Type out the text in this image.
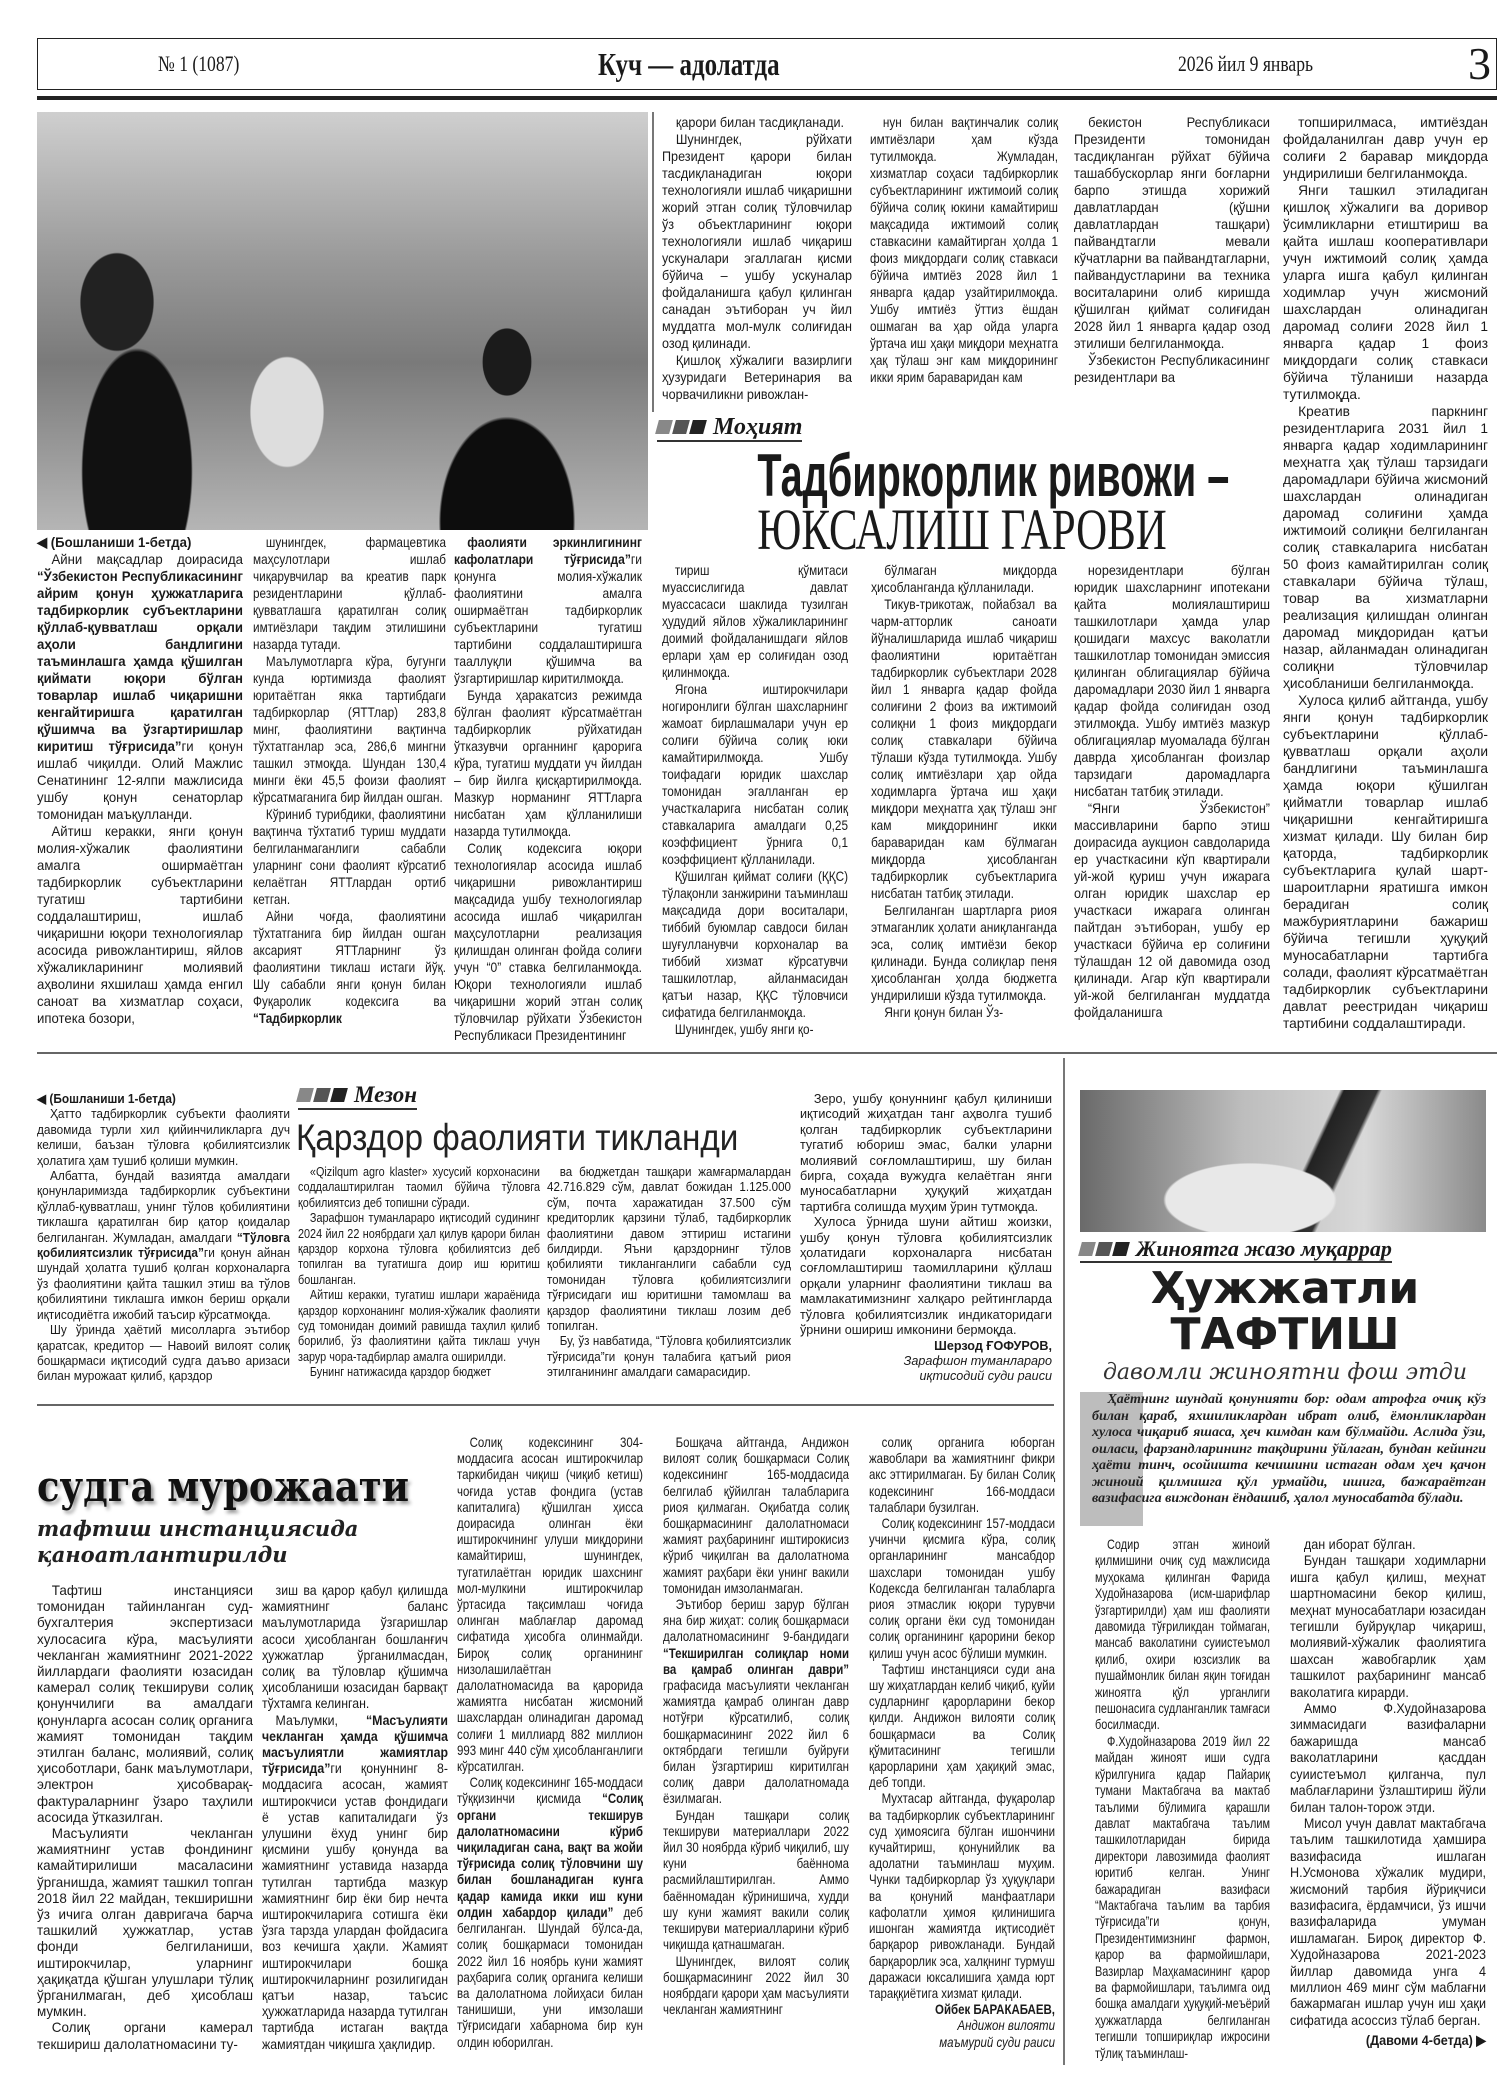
№ 1 (1087)	Куч — адолатда	2026 йил 9 январь	3

◀ (Бошланиши 1-бетда)

Айни мақсадлар доирасида “Ўзбекистон Республикасининг айрим қонун ҳужжатларига тадбиркорлик субъектларини қўллаб-қувватлаш орқали аҳоли бандлигини таъминлашга ҳамда қўшилган қиймати юқори бўлган товарлар ишлаб чиқаришни кенгайтиришга қаратилган қўшимча ва ўзгартиришлар киритиш тўғрисида”ги қонун ишлаб чиқилди. Олий Мажлис Сенатининг 12-ялпи мажлисида ушбу қонун сенаторлар томонидан маъқулланди.

Айтиш керакки, янги қонун молия-хўжалик фаолиятини амалга оширмаётган тадбиркорлик субъектларини тугатиш тартибини соддалаштириш, ишлаб чиқаришни юқори технологиялар асосида ривожлантириш, яйлов хўжаликларининг молиявий аҳволини яхшилаш ҳамда енгил саноат ва хизматлар соҳаси, ипотека бозори,

шунингдек, фармацевтика маҳсулотлари ишлаб чиқарувчилар ва креатив парк резидентларини қўллаб-қувватлашга қаратилган солиқ имтиёзлари тақдим этилишини назарда тутади.

Маълумотларга кўра, бугунги кунда юртимизда фаолият юритаётган якка тартибдаги тадбиркорлар (ЯТТлар) 283,8 минг, фаолиятини вақтинча тўхтатганлар эса, 286,6 мингни ташкил этмоқда. Шундан 130,4 минги ёки 45,5 фоизи фаолият кўрсатмаганига бир йилдан ошган.

Кўриниб турибдики, фаолиятини вақтинча тўхтатиб туриш муддати белгиланмаганлиги сабабли уларнинг сони фаолият кўрсатиб келаётган ЯТТлардан ортиб кетган.

Айни чоғда, фаолиятини тўхтатганига бир йилдан ошган аксарият ЯТТларнинг ўз фаолиятини тиклаш истаги йўқ. Шу сабабли янги қонун билан Фуқаролик кодексига ва “Тадбиркорлик

фаолияти эркинлигининг кафолатлари тўғрисида”ги қонунга молия-хўжалик фаолиятини амалга оширмаётган тадбиркорлик субъектларини тугатиш тартибини соддалаштиришга тааллуқли қўшимча ва ўзгартиришлар киритилмоқда.

Бунда ҳаракатсиз режимда бўлган фаолият кўрсатмаётган тадбиркорлик рўйхатидан ўтказувчи органнинг қарорига кўра, тугатиш муддати уч йилдан – бир йилга қисқартирилмоқда. Мазкур норманинг ЯТТларга нисбатан ҳам қўлланилиши назарда тутилмоқда.

Солиқ кодексига юқори технологиялар асосида ишлаб чиқаришни ривожлантириш мақсадида ушбу технологиялар асосида ишлаб чиқарилган маҳсулотларни реализация қилишдан олинган фойда солиғи учун “0” ставка белгиланмоқда. Юқори технологияли ишлаб чиқаришни жорий этган солиқ тўловчилар рўйхати Ўзбекистон Республикаси Президентининг

қарори билан тасдиқланади.

Шунингдек, рўйхати Президент қарори билан тасдиқланадиган юқори технологияли ишлаб чиқаришни жорий этган солиқ тўловчилар ўз объектларининг юқори технологияли ишлаб чиқариш ускуналари эгаллаган қисми бўйича – ушбу ускуналар фойдаланишга қабул қилинган санадан эътиборан уч йил муддатга мол-мулк солиғидан озод қилинади.

Қишлоқ хўжалиги вазирлиги ҳузуридаги Ветеринария ва чорвачиликни ривожлан-

нун билан вақтинчалик солиқ имтиёзлари ҳам кўзда тутилмоқда. Жумладан, хизматлар соҳаси тадбиркорлик субъектларининг ижтимоий солиқ бўйича солиқ юкини камайтириш мақсадида ижтимоий солиқ ставкасини камайтирган ҳолда 1 фоиз миқдордаги солиқ ставкаси бўйича имтиёз 2028 йил 1 январга қадар узайтирилмоқда. Ушбу имтиёз ўттиз ёшдан ошмаган ва ҳар ойда уларга ўртача иш ҳақи миқдори меҳнатга ҳақ тўлаш энг кам миқдорининг икки ярим бараваридан кам

бекистон Республикаси Президенти томонидан тасдиқланган рўйхат бўйича ташаббускорлар янги боғларни барпо этишда хорижий давлатлардан (қўшни давлатлардан ташқари) пайвандтагли мевали кўчатларни ва пайвандтагларни, пайвандустларини ва техника воситаларини олиб киришда қўшилган қиймат солиғидан 2028 йил 1 январга қадар озод этилиши белгиланмоқда.

Ўзбекистон Республикасининг резидентлари ва

топширилмаса, имтиёздан фойдаланилган давр учун ер солиғи 2 баравар миқдорда ундирилиши белгиланмоқда.

Янги ташкил этиладиган қишлоқ хўжалиги ва доривор ўсимликларни етиштириш ва қайта ишлаш кооперативлари учун ижтимоий солиқ ҳамда уларга ишга қабул қилинган ходимлар учун жисмоний шахслардан олинадиган даромад солиғи 2028 йил 1 январга қадар 1 фоиз миқдордаги солиқ ставкаси бўйича тўланиши назарда тутилмоқда.

Креатив паркнинг резидентларига 2031 йил 1 январга қадар ходимларининг меҳнатга ҳақ тўлаш тарзидаги даромадлари бўйича жисмоний шахслардан олинадиган даромад солиғини ҳамда ижтимоий солиқни белгиланган солиқ ставкаларига нисбатан 50 фоиз камайтирилган солиқ ставкалари бўйича тўлаш, товар ва хизматларни реализация қилишдан олинган даромад миқдоридан қатъи назар, айланмадан олинадиган солиқни тўловчилар ҳисобланиши белгиланмоқда.

Хулоса қилиб айтганда, ушбу янги қонун тадбиркорлик субъектларини қўллаб-қувватлаш орқали аҳоли бандлигини таъминлашга ҳамда юқори қўшилган қийматли товарлар ишлаб чиқаришни кенгайтиришга хизмат қилади. Шу билан бир қаторда, тадбиркорлик субъектларига қулай шарт-шароитларни яратишга имкон берадиган солиқ мажбуриятларини бажариш бўйича тегишли ҳуқуқий муносабатларни тартибга солади, фаолият кўрсатмаётган тадбиркорлик субъектларини давлат реестридан чиқариш тартибини соддалаштиради.

Моҳият
Тадбиркорлик ривожи –
ЮКСАЛИШ ГАРОВИ

тириш қўмитаси муассислигида давлат муассасаси шаклида тузилган ҳудудий яйлов хўжаликларининг доимий фойдаланишдаги яйлов ерлари ҳам ер солиғидан озод қилинмоқда.

Ягона иштирокчилари ногиронлиги бўлган шахсларнинг жамоат бирлашмалари учун ер солиғи бўйича солиқ юки камайтирилмоқда. Ушбу тоифадаги юридик шахслар томонидан эгалланган ер участкаларига нисбатан солиқ ставкаларига амалдаги 0,25 коэффициент ўрнига 0,1 коэффициент қўлланилади.

Қўшилган қиймат солиғи (ҚҚС) тўлақонли занжирини таъминлаш мақсадида дори воситалари, тиббий буюмлар савдоси билан шуғулланувчи корхоналар ва тиббий хизмат кўрсатувчи ташкилотлар, айланмасидан қатъи назар, ҚҚС тўловчиси сифатида белгиланмоқда.

Шунингдек, ушбу янги қо-

бўлмаган миқдорда ҳисобланганда қўлланилади.

Тикув-трикотаж, пойабзал ва чарм-атторлик саноати йўналишларида ишлаб чиқариш фаолиятини юритаётган тадбиркорлик субъектлари 2028 йил 1 январга қадар фойда солиғини 2 фоиз ва ижтимоий солиқни 1 фоиз миқдордаги солиқ ставкалари бўйича тўлаши кўзда тутилмоқда. Ушбу солиқ имтиёзлари ҳар ойда ходимларга ўртача иш ҳақи миқдори меҳнатга ҳақ тўлаш энг кам миқдорининг икки бараваридан кам бўлмаган миқдорда ҳисобланган тадбиркорлик субъектларига нисбатан татбиқ этилади.

Белгиланган шартларга риоя этмаганлик ҳолати аниқланганда эса, солиқ имтиёзи бекор қилинади. Бунда солиқлар пеня ҳисобланган ҳолда бюджетга ундирилиши кўзда тутилмоқда.

Янги қонун билан Ўз-

норезидентлари бўлган юридик шахсларнинг ипотекани қайта молиялаштириш ташкилотлари ҳамда улар қошидаги махсус ваколатли ташкилотлар томонидан эмиссия қилинган облигациялар бўйича даромадлари 2030 йил 1 январга қадар фойда солиғидан озод этилмоқда. Ушбу имтиёз мазкур облигациялар муомалада бўлган даврда ҳисобланган фоизлар тарзидаги даромадларга нисбатан татбиқ этилади.

“Янги Ўзбекистон” массивларини барпо этиш доирасида аукцион савдоларида ер участкасини кўп квартирали уй-жой қуриш учун ижарага олган юридик шахслар ер участкаси ижарага олинган пайтдан эътиборан, ушбу ер участкаси бўйича ер солиғини тўлашдан 12 ой давомида озод қилинади. Агар кўп квартирали уй-жой белгиланган муддатда фойдаланишга

◀ (Бошланиши 1-бетда)

Ҳатто тадбиркорлик субъекти фаолияти давомида турли хил қийинчиликларга дуч келиши, баъзан тўловга қобилиятсизлик ҳолатига ҳам тушиб қолиши мумкин.

Албатта, бундай вазиятда амалдаги қонунларимизда тадбиркорлик субъектини қўллаб-қувватлаш, унинг тўлов қобилиятини тиклашга қаратилган бир қатор қоидалар белгиланган. Жумладан, амалдаги “Тўловга қобилиятсизлик тўғрисида”ги қонун айнан шундай ҳолатга тушиб қолган корхоналарга ўз фаолиятини қайта ташкил этиш ва тўлов қобилиятини тиклашга имкон бериш орқали иқтисодиётга ижобий таъсир кўрсатмоқда.

Шу ўринда ҳаётий мисолларга эътибор қаратсак, кредитор — Навоий вилоят солиқ бошқармаси иқтисодий судга даъво аризаси билан мурожаат қилиб, қарздор

Мезон
Қарздор фаолияти тикланди

«Qizilqum agro klaster» хусусий корхонасини соддалаштирилган таомил бўйича тўловга қобилиятсиз деб топишни сўради.

Зарафшон туманлараро иқтисодий судининг 2024 йил 22 ноябрдаги ҳал қилув қарори билан қарздор корхона тўловга қобилиятсиз деб топилган ва тугатишга доир иш юритиш бошланган.

Айтиш керакки, тугатиш ишлари жараёнида қарздор корхонанинг молия-хўжалик фаолияти суд томонидан доимий равишда таҳлил қилиб борилиб, ўз фаолиятини қайта тиклаш учун зарур чора-тадбирлар амалга оширилди.

Бунинг натижасида қарздор бюджет

ва бюджетдан ташқари жамғармалардан 42.716.829 сўм, давлат божидан 1.125.000 сўм, почта харажатидан 37.500 сўм кредиторлик қарзини тўлаб, тадбиркорлик фаолиятини давом эттириш истагини билдирди. Яъни қарздорнинг тўлов қобилияти тикланганлиги сабабли суд томонидан тўловга қобилиятсизлиги тўғрисидаги иш юритишни тамомлаш ва қарздор фаолиятини тиклаш лозим деб топилган.

Бу, ўз навбатида, “Тўловга қобилиятсизлик тўғрисида”ги қонун талабига қатъий риоя этилганининг амалдаги самарасидир.

Зеро, ушбу қонуннинг қабул қилиниши иқтисодий жиҳатдан танг аҳволга тушиб қолган тадбиркорлик субъектларини тугатиб юбориш эмас, балки уларни молиявий соғломлаштириш, шу билан бирга, соҳада вужудга келаётган янги муносабатларни ҳуқуқий жиҳатдан тартибга солишда муҳим ўрин тутмоқда.

Хулоса ўрнида шуни айтиш жоизки, ушбу қонун тўловга қобилиятсизлик ҳолатидаги корхоналарга нисбатан соғломлаштириш таомилларини қўллаш орқали уларнинг фаолиятини тиклаш ва мамлакатимизнинг халқаро рейтингларда тўловга қобилиятсизлик индикаторидаги ўрнини ошириш имконини бермоқда.

Шерзод ҒОФУРОВ,
Зарафшон туманлараро
иқтисодий суди раиси

Жиноятга жазо муқаррар
Ҳужжатли
ТАФТИШ
давомли жиноятни фош этди

Ҳаётнинг шундай қонунияти бор: одам атрофга очиқ кўз билан қараб, яхшиликлардан ибрат олиб, ёмонликлардан хулоса чиқариб яшаса, ҳеч кимдан кам бўлмайди. Аслида ўзи, оиласи, фарзандларининг тақдирини ўйлаган, бундан кейинги ҳаёти тинч, осойишта кечишини истаган одам ҳеч қачон жиноий қилмишга қўл урмайди, ишига, бажараётган вазифасига виждонан ёндашиб, ҳалол муносабатда бўлади.

Содир этган жиноий қилмишини очиқ суд мажлисида муҳокама қилинган Фарида Худойназарова (исм-шарифлар ўзгартирилди) ҳам иш фаолияти давомида тўғриликдан тоймаган, мансаб ваколатини суиистеъмол қилиб, охири юзсизлик ва пушаймонлик билан яқин тоғидан жиноятга қўл урганлиги пешонасига судланганлик тамғаси босилмасди.

Ф.Худойназарова 2019 йил 22 майдан жиноят иши судга кўрилгунига қадар Пайариқ тумани Мактабгача ва мактаб таълими бўлимига қарашли давлат мактабгача таълим ташкилотларидан бирида директори лавозимида фаолият юритиб келган. Унинг бажарадиган вазифаси “Мактабгача таълим ва тарбия тўғрисида”ги қонун, Президентимизнинг фармон, қарор ва фармойишлари, Вазирлар Маҳкамасининг қарор ва фармойишлари, таълимга оид бошқа амалдаги ҳуқуқий-меъёрий ҳужжатларда белгиланган тегишли топшириқлар ижросини тўлиқ таъминлаш-

дан иборат бўлган.

Бундан ташқари ходимларни ишга қабул қилиш, меҳнат шартномасини бекор қилиш, меҳнат муносабатлари юзасидан тегишли буйруқлар чиқариш, молиявий-хўжалик фаолиятига шахсан жавобгарлик ҳам ташкилот раҳбарининг мансаб ваколатига кирарди.

Аммо Ф.Худойназарова зиммасидаги вазифаларни бажаришда мансаб ваколатларини қасддан суиистеъмол қилганча, пул маблағларини ўзлаштириш йўли билан талон-торож этди.

Мисол учун давлат мактабгача таълим ташкилотида ҳамшира вазифасида ишлаган Н.Усмонова хўжалик мудири, жисмоний тарбия йўриқчиси вазифасига, ёрдамчиси, ўз ишчи вазифаларида умуман ишламаган. Бироқ директор Ф. Худойназарова 2021-2023 йиллар давомида унга 4 миллион 469 минг сўм маблағни бажармаган ишлар учун иш ҳақи сифатида асоссиз тўлаб берган.

(Давоми 4-бетда) ▶

судга мурожаати
тафтиш инстанциясида
қаноатлантирилди

Тафтиш инстанцияси томонидан тайинланган суд-бухгалтерия экспертизаси хулосасига кўра, масъулияти чекланган жамиятнинг 2021-2022 йиллардаги фаолияти юзасидан камерал солиқ текшируви солиқ қонунчилиги ва амалдаги қонунларга асосан солиқ органига жамият томонидан тақдим этилган баланс, молиявий, солиқ ҳисоботлари, банк маълумотлари, электрон ҳисобварақ-фактураларнинг ўзаро таҳлили асосида ўтказилган.

Масъулияти чекланган жамиятнинг устав фондининг камайтирилиши масаласини ўрганишда, жамият ташкил топган 2018 йил 22 майдан, текширишни ўз ичига олган давригача барча ташкилий ҳужжатлар, устав фонди белгиланиши, иштирокчилар, уларнинг ҳақиқатда қўшган улушлари тўлиқ ўрганилмаган, деб ҳисоблаш мумкин.

Солиқ органи камерал текшириш далолатномасини ту-

зиш ва қарор қабул қилишда жамиятнинг баланс маълумотларида ўзгаришлар асоси ҳисобланган бошланғич ҳужжатлар ўрганилмасдан, солиқ ва тўловлар қўшимча ҳисобланиши юзасидан барвақт тўхтамга келинган.

Маълумки, “Масъулияти чекланган ҳамда қўшимча масъулиятли жамиятлар тўғрисида”ги қонуннинг 8-моддасига асосан, жамият иштирокчиси устав фондидаги ё устав капиталидаги ўз улушини ёхуд унинг бир қисмини ушбу қонунда ва жамиятнинг уставида назарда тутилган тартибда мазкур жамиятнинг бир ёки бир нечта иштирокчиларига сотишга ёки ўзга тарзда улардан фойдасига воз кечишга ҳақли. Жамият иштирокчилари бошқа иштирокчиларнинг розилигидан қатъи назар, таъсис ҳужжатларида назарда тутилган тартибда истаган вақтда жамиятдан чиқишга ҳақлидир.

Солиқ кодексининг 304-моддасига асосан иштирокчилар таркибидан чиқиш (чиқиб кетиш) чоғида устав фондига (устав капиталига) қўшилган ҳисса доирасида олинган ёки иштирокчининг улуши миқдорини камайтириш, шунингдек, тугатилаётган юридик шахснинг мол-мулкини иштирокчилар ўртасида тақсимлаш чоғида олинган маблағлар даромад сифатида ҳисобга олинмайди. Бироқ солиқ органининг низолашилаётган далолатномасида ва қарорида жамиятга нисбатан жисмоний шахслардан олинадиган даромад солиғи 1 миллиард 882 миллион 993 минг 440 сўм ҳисобланганлиги кўрсатилган.

Солиқ кодексининг 165-моддаси тўққизинчи қисмида “Солиқ органи текширув далолатномасини кўриб чиқиладиган сана, вақт ва жойи тўғрисида солиқ тўловчини шу билан бошланадиган кунга қадар камида икки иш куни олдин хабардор қилади” деб белгиланган. Шундай бўлса-да, солиқ бошқармаси томонидан 2022 йил 16 ноябрь куни жамият раҳбарига солиқ органига келиши ва далолатнома лойиҳаси билан танишиши, уни имзолаши тўғрисидаги хабарнома бир кун олдин юборилган.

Бошқача айтганда, Андижон вилоят солиқ бошқармаси Солиқ кодексининг 165-моддасида белгилаб қўйилган талабларига риоя қилмаган. Оқибатда солиқ бошқармасининг далолатномаси жамият раҳбарининг иштирокисиз кўриб чиқилган ва далолатнома жамият раҳбари ёки унинг вакили томонидан имзоланмаган.

Эътибор бериш зарур бўлган яна бир жиҳат: солиқ бошқармаси далолатномасининг 9-бандидаги “Текширилган солиқлар номи ва қамраб олинган даври” графасида масъулияти чекланган жамиятда қамраб олинган давр нотўғри кўрсатилиб, солиқ бошқармасининг 2022 йил 6 октябрдаги тегишли буйруғи билан ўзгартириш киритилган солиқ даври далолатномада ёзилмаган.

Бундан ташқари солиқ текшируви материаллари 2022 йил 30 ноябрда кўриб чиқилиб, шу куни баённома расмийлаштирилган. Аммо баённомадан кўринишича, худди шу куни жамият вакили солиқ текшируви материалларини кўриб чиқишда қатнашмаган.

Шунингдек, вилоят солиқ бошқармасининг 2022 йил 30 ноябрдаги қарори ҳам масъулияти чекланган жамиятнинг

солиқ органига юборган жавоблари ва жамиятнинг фикри акс эттирилмаган. Бу билан Солиқ кодексининг 166-моддаси талаблари бузилган.

Солиқ кодексининг 157-моддаси учинчи қисмига кўра, солиқ органларининг мансабдор шахслари томонидан ушбу Кодексда белгиланган талабларга риоя этмаслик юқори турувчи солиқ органи ёки суд томонидан солиқ органининг қарорини бекор қилиш учун асос бўлиши мумкин.

Тафтиш инстанцияси суди ана шу жиҳатлардан келиб чиқиб, қуйи судларнинг қарорларини бекор қилди. Андижон вилояти солиқ бошқармаси ва Солиқ қўмитасининг тегишли қарорларини ҳам ҳақиқий эмас, деб топди.

Мухтасар айтганда, фуқаролар ва тадбиркорлик субъектларининг суд ҳимоясига бўлган ишончини кучайтириш, қонунийлик ва адолатни таъминлаш муҳим. Чунки тадбиркорлар ўз ҳуқуқлари ва қонуний манфаатлари кафолатли ҳимоя қилинишига ишонган жамиятда иқтисодиёт барқарор ривожланади. Бундай барқарорлик эса, халқнинг турмуш даражаси юксалишига ҳамда юрт тараққиётига хизмат қилади.

Ойбек БАРАКАБАЕВ,
Андижон вилояти
маъмурий суди раиси
